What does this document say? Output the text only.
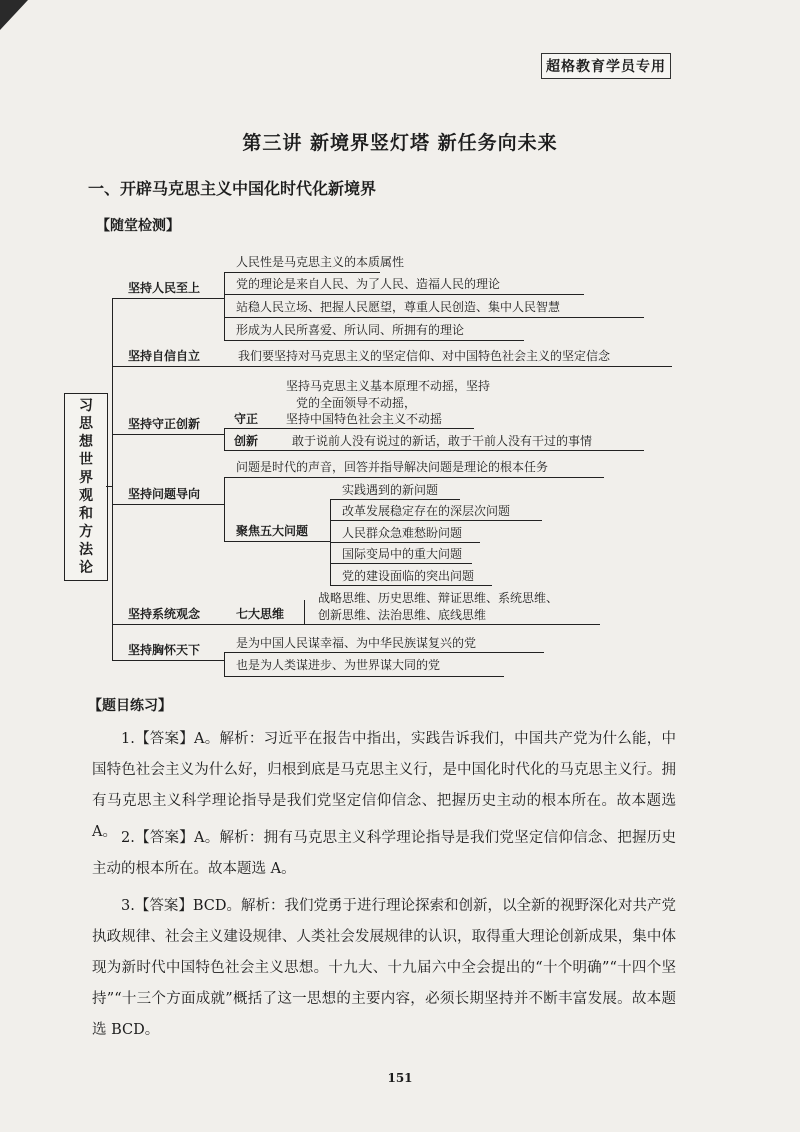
超格教育学员专用
第三讲 新境界竖灯塔 新任务向未来
一、开辟马克思主义中国化时代化新境界
【随堂检测】
习
思
想
世
界
观
和
方
法
论
坚持人民至上
人民性是马克思主义的本质属性
党的理论是来自人民、为了人民、造福人民的理论
站稳人民立场、把握人民愿望，尊重人民创造、集中人民智慧
形成为人民所喜爱、所认同、所拥有的理论
坚持自信自立	我们要坚持对马克思主义的坚定信仰、对中国特色社会主义的坚定信念
坚持守正创新
坚持马克思主义基本原理不动摇，坚持
党的全面领导不动摇，
守正 坚持中国特色社会主义不动摇
创新	敢于说前人没有说过的新话，敢于干前人没有干过的事情
坚持问题导向
问题是时代的声音，回答并指导解决问题是理论的根本任务
聚焦五大问题
实践遇到的新问题
改革发展稳定存在的深层次问题
人民群众急难愁盼问题
国际变局中的重大问题
党的建设面临的突出问题
坚持系统观念	七大思维
战略思维、历史思维、辩证思维、系统思维、
创新思维、法治思维、底线思维
坚持胸怀天下	是为中国人民谋幸福、为中华民族谋复兴的党
也是为人类谋进步、为世界谋大同的党
【题目练习】
1.【答案】A。解析：习近平在报告中指出，实践告诉我们，中国共产党为什么能，中国特色社会主义为什么好，归根到底是马克思主义行，是中国化时代化的马克思主义行。拥有马克思主义科学理论指导是我们党坚定信仰信念、把握历史主动的根本所在。故本题选 A。 2.【答案】A。解析：拥有马克思主义科学理论指导是我们党坚定信仰信念、把握历史主动的根本所在。故本题选 A。
3.【答案】BCD。解析：我们党勇于进行理论探索和创新，以全新的视野深化对共产党执政规律、社会主义建设规律、人类社会发展规律的认识，取得重大理论创新成果，集中体现为新时代中国特色社会主义思想。十九大、十九届六中全会提出的“十个明确”“十四个坚持”“十三个方面成就”概括了这一思想的主要内容，必须长期坚持并不断丰富发展。故本题选 BCD。
151
